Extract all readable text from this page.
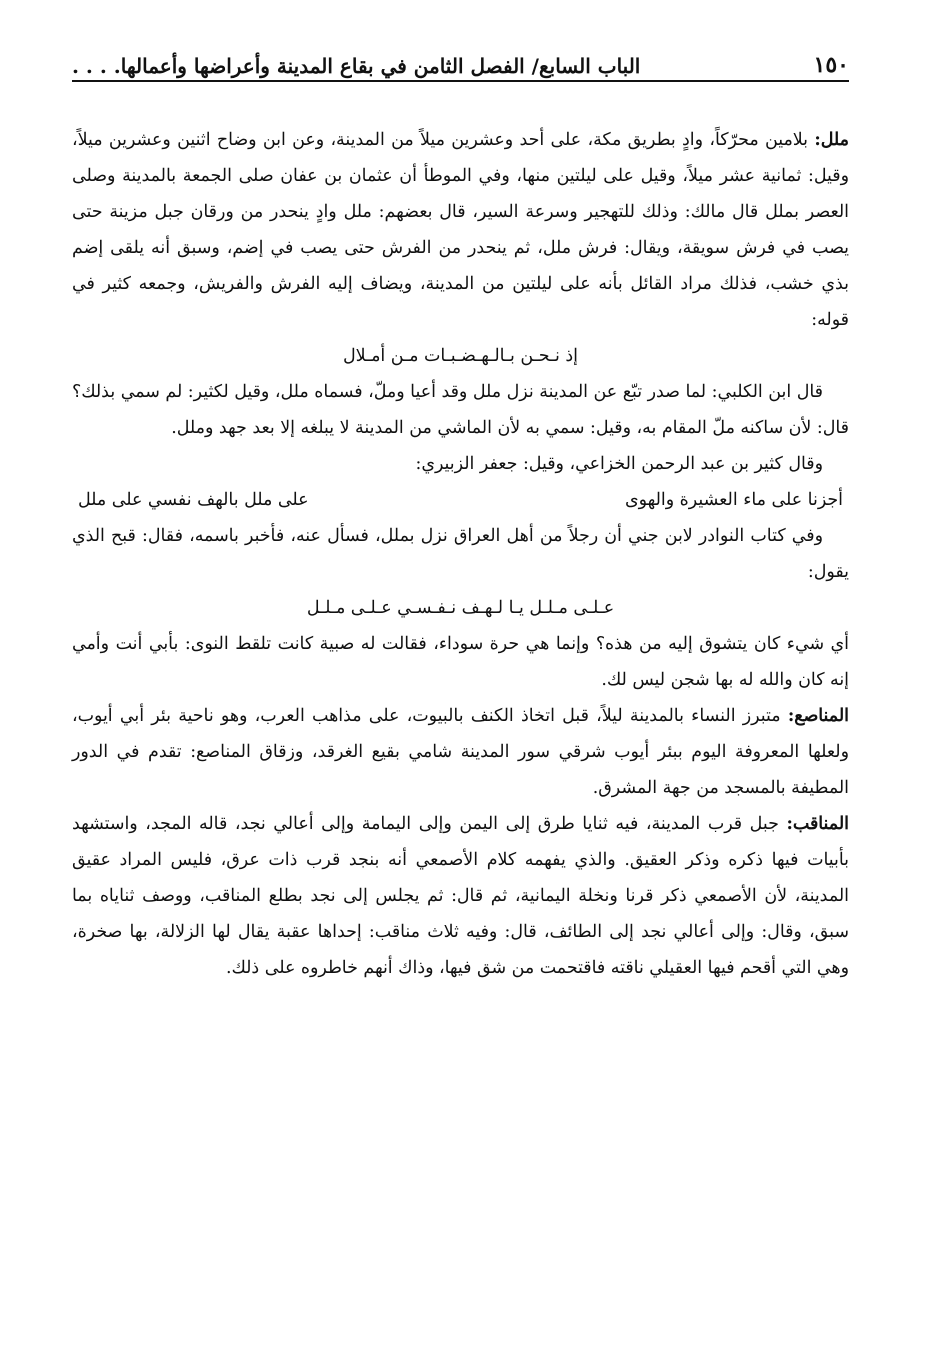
١٥٠
الباب السابع/ الفصل الثامن في بقاع المدينة وأعراضها وأعمالها. . . .

ملل: بلامين محرّكاً، وادٍ بطريق مكة، على أحد وعشرين ميلاً من المدينة، وعن ابن وضاح اثنين وعشرين ميلاً، وقيل: ثمانية عشر ميلاً، وقيل على ليلتين منها، وفي الموطأ أن عثمان بن عفان صلى الجمعة بالمدينة وصلى العصر بملل قال مالك: وذلك للتهجير وسرعة السير، قال بعضهم: ملل وادٍ ينحدر من ورقان جبل مزينة حتى يصب في فرش سويقة، ويقال: فرش ملل، ثم ينحدر من الفرش حتى يصب في إضم، وسبق أنه يلقى إضم بذي خشب، فذلك مراد القائل بأنه على ليلتين من المدينة، ويضاف إليه الفرش والفريش، وجمعه كثير في قوله:

إذ نـحـن بـالـهـضـبـات مـن أمـلال

قال ابن الكلبي: لما صدر تبّع عن المدينة نزل ملل وقد أعيا وملّ، فسماه ملل، وقيل لكثير: لم سمي بذلك؟ قال: لأن ساكنه ملّ المقام به، وقيل: سمي به لأن الماشي من المدينة لا يبلغه إلا بعد جهد وملل.

وقال كثير بن عبد الرحمن الخزاعي، وقيل: جعفر الزبيري:

أجزنا على ماء العشيرة والهوى
على ملل بالهف نفسي على ملل

وفي كتاب النوادر لابن جني أن رجلاً من أهل العراق نزل بملل، فسأل عنه، فأخبر باسمه، فقال: قبح الذي يقول:

عـلـى مـلـل يـا لـهـف نـفـسـي عـلـى مـلـل

أي شيء كان يتشوق إليه من هذه؟ وإنما هي حرة سوداء، فقالت له صبية كانت تلقط النوى: بأبي أنت وأمي إنه كان والله له بها شجن ليس لك.

المناصع: متبرز النساء بالمدينة ليلاً، قبل اتخاذ الكنف بالبيوت، على مذاهب العرب، وهو ناحية بئر أبي أيوب، ولعلها المعروفة اليوم ببئر أيوب شرقي سور المدينة شامي بقيع الغرقد، وزقاق المناصع: تقدم في الدور المطيفة بالمسجد من جهة المشرق.

المناقب: جبل قرب المدينة، فيه ثنايا طرق إلى اليمن وإلى اليمامة وإلى أعالي نجد، قاله المجد، واستشهد بأبيات فيها ذكره وذكر العقيق. والذي يفهمه كلام الأصمعي أنه بنجد قرب ذات عرق، فليس المراد عقيق المدينة، لأن الأصمعي ذكر قرنا ونخلة اليمانية، ثم قال: ثم يجلس إلى نجد بطلع المناقب، ووصف ثناياه بما سبق، وقال: وإلى أعالي نجد إلى الطائف، قال: وفيه ثلاث مناقب: إحداها عقبة يقال لها الزلالة، بها صخرة، وهي التي أقحم فيها العقيلي ناقته فاقتحمت من شق فيها، وذاك أنهم خاطروه على ذلك.
